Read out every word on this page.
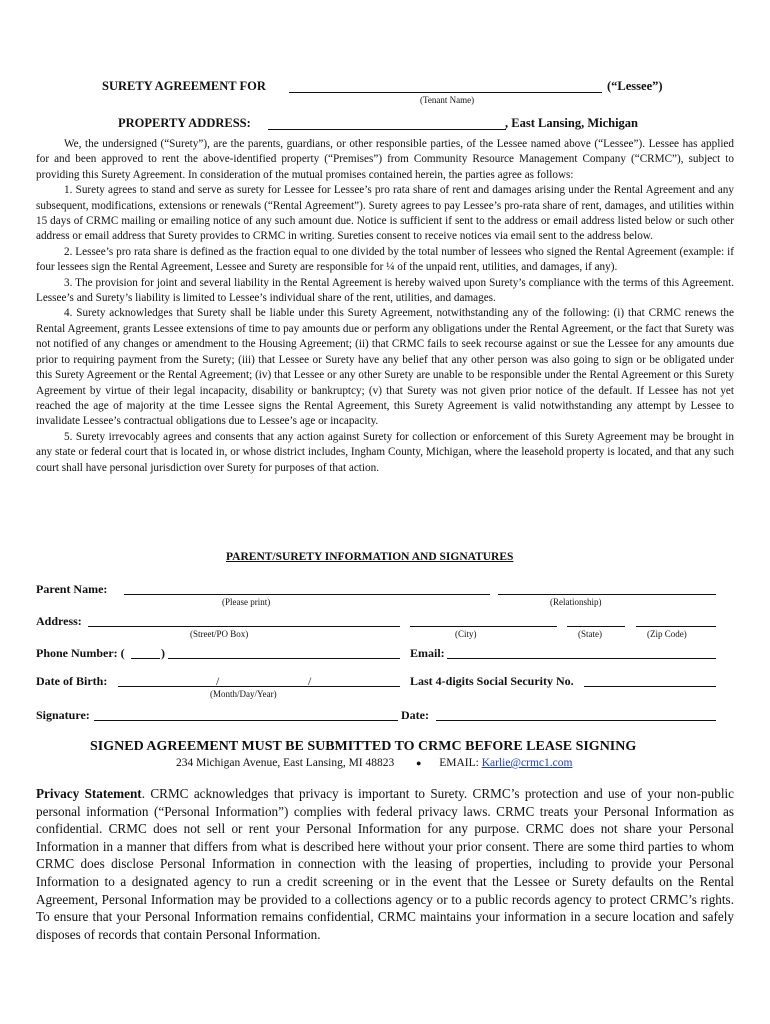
SURETY AGREEMENT FOR	(“Lessee”)
(Tenant Name)
PROPERTY ADDRESS:	, East Lansing, Michigan

We, the undersigned (“Surety”), are the parents, guardians, or other responsible parties, of the Lessee named above (“Lessee”). Lessee has applied for and been approved to rent the above-identified property (“Premises”) from Community Resource Management Company (“CRMC”), subject to providing this Surety Agreement. In consideration of the mutual promises contained herein, the parties agree as follows:

1. Surety agrees to stand and serve as surety for Lessee for Lessee’s pro rata share of rent and damages arising under the Rental Agreement and any subsequent, modifications, extensions or renewals (“Rental Agreement”). Surety agrees to pay Lessee’s pro-rata share of rent, damages, and utilities within 15 days of CRMC mailing or emailing notice of any such amount due. Notice is sufficient if sent to the address or email address listed below or such other address or email address that Surety provides to CRMC in writing. Sureties consent to receive notices via email sent to the address below.

2. Lessee’s pro rata share is defined as the fraction equal to one divided by the total number of lessees who signed the Rental Agreement (example: if four lessees sign the Rental Agreement, Lessee and Surety are responsible for ¼ of the unpaid rent, utilities, and damages, if any).

3. The provision for joint and several liability in the Rental Agreement is hereby waived upon Surety’s compliance with the terms of this Agreement. Lessee’s and Surety’s liability is limited to Lessee’s individual share of the rent, utilities, and damages.

4. Surety acknowledges that Surety shall be liable under this Surety Agreement, notwithstanding any of the following: (i) that CRMC renews the Rental Agreement, grants Lessee extensions of time to pay amounts due or perform any obligations under the Rental Agreement, or the fact that Surety was not notified of any changes or amendment to the Housing Agreement; (ii) that CRMC fails to seek recourse against or sue the Lessee for any amounts due prior to requiring payment from the Surety; (iii) that Lessee or Surety have any belief that any other person was also going to sign or be obligated under this Surety Agreement or the Rental Agreement; (iv) that Lessee or any other Surety are unable to be responsible under the Rental Agreement or this Surety Agreement by virtue of their legal incapacity, disability or bankruptcy; (v) that Surety was not given prior notice of the default. If Lessee has not yet reached the age of majority at the time Lessee signs the Rental Agreement, this Surety Agreement is valid notwithstanding any attempt by Lessee to invalidate Lessee’s contractual obligations due to Lessee’s age or incapacity.

5. Surety irrevocably agrees and consents that any action against Surety for collection or enforcement of this Surety Agreement may be brought in any state or federal court that is located in, or whose district includes, Ingham County, Michigan, where the leasehold property is located, and that any such court shall have personal jurisdiction over Surety for purposes of that action.

PARENT/SURETY INFORMATION AND SIGNATURES
Parent Name:
(Please print)	(Relationship)
Address:
(Street/PO Box)	(City)	(State)	(Zip Code)
Phone Number: (	)	Email:
Date of Birth:	/	/
(Month/Day/Year)
Last 4-digits Social Security No.
Signature:	Date:
SIGNED AGREEMENT MUST BE SUBMITTED TO CRMC BEFORE LEASE SIGNING
234 Michigan Avenue, East Lansing, MI 48823 ● EMAIL: Karlie@crmc1.com
Privacy Statement. CRMC acknowledges that privacy is important to Surety. CRMC’s protection and use of your non-public personal information (“Personal Information”) complies with federal privacy laws. CRMC treats your Personal Information as confidential. CRMC does not sell or rent your Personal Information for any purpose. CRMC does not share your Personal Information in a manner that differs from what is described here without your prior consent. There are some third parties to whom CRMC does disclose Personal Information in connection with the leasing of properties, including to provide your Personal Information to a designated agency to run a credit screening or in the event that the Lessee or Surety defaults on the Rental Agreement, Personal Information may be provided to a collections agency or to a public records agency to protect CRMC’s rights. To ensure that your Personal Information remains confidential, CRMC maintains your information in a secure location and safely disposes of records that contain Personal Information.
